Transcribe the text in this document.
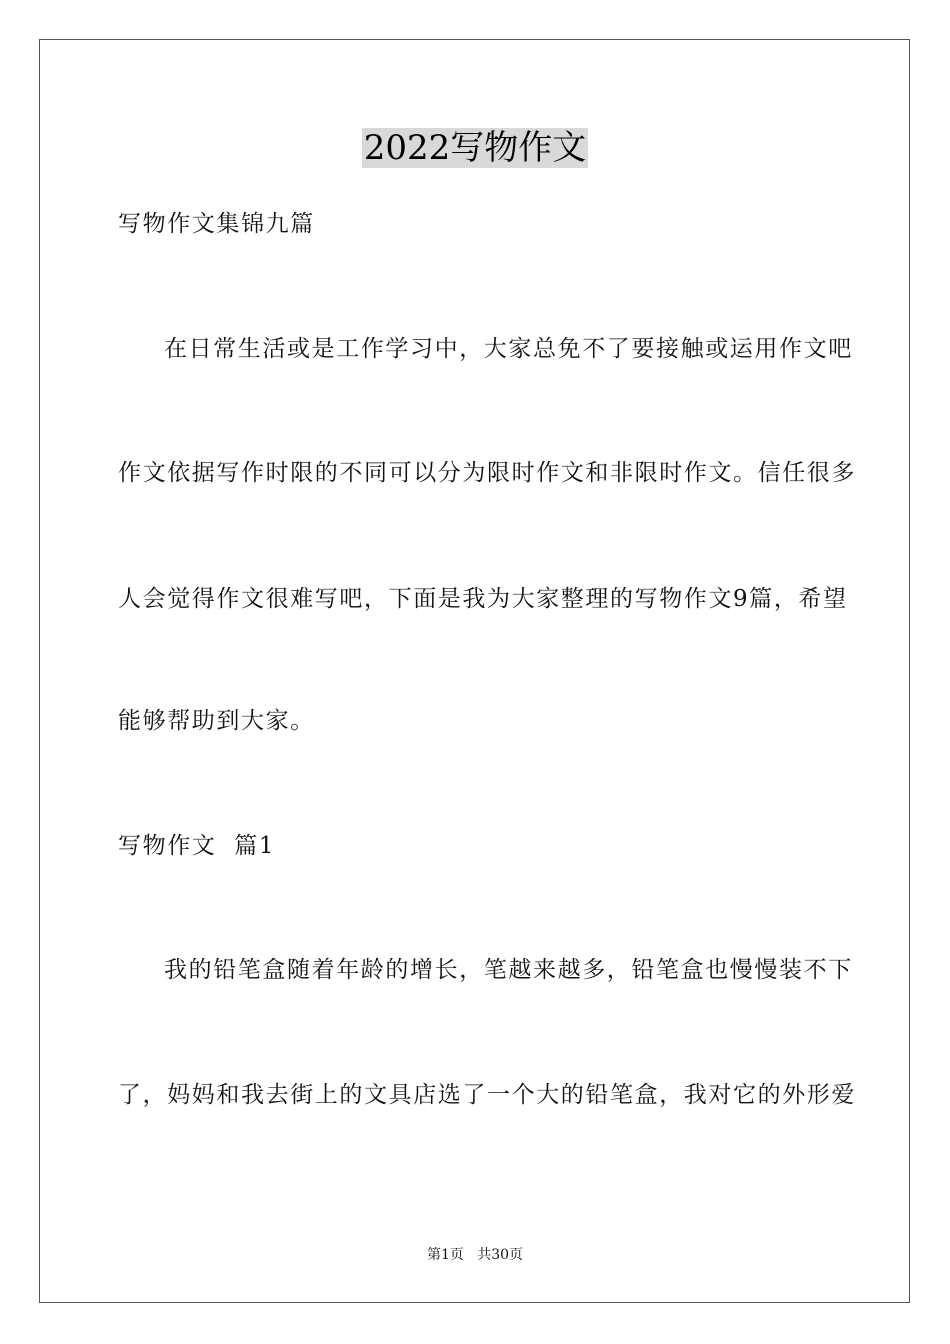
2022写物作文
写物作文集锦九篇
在日常生活或是工作学习中，大家总免不了要接触或运用作文吧
作文依据写作时限的不同可以分为限时作文和非限时作文。信任很多
人会觉得作文很难写吧，下面是我为大家整理的写物作文9篇，希望
能够帮助到大家。
写物作文  篇1
我的铅笔盒随着年龄的增长，笔越来越多，铅笔盒也慢慢装不下
了，妈妈和我去街上的文具店选了一个大的铅笔盒，我对它的外形爱
第1页   共30页
